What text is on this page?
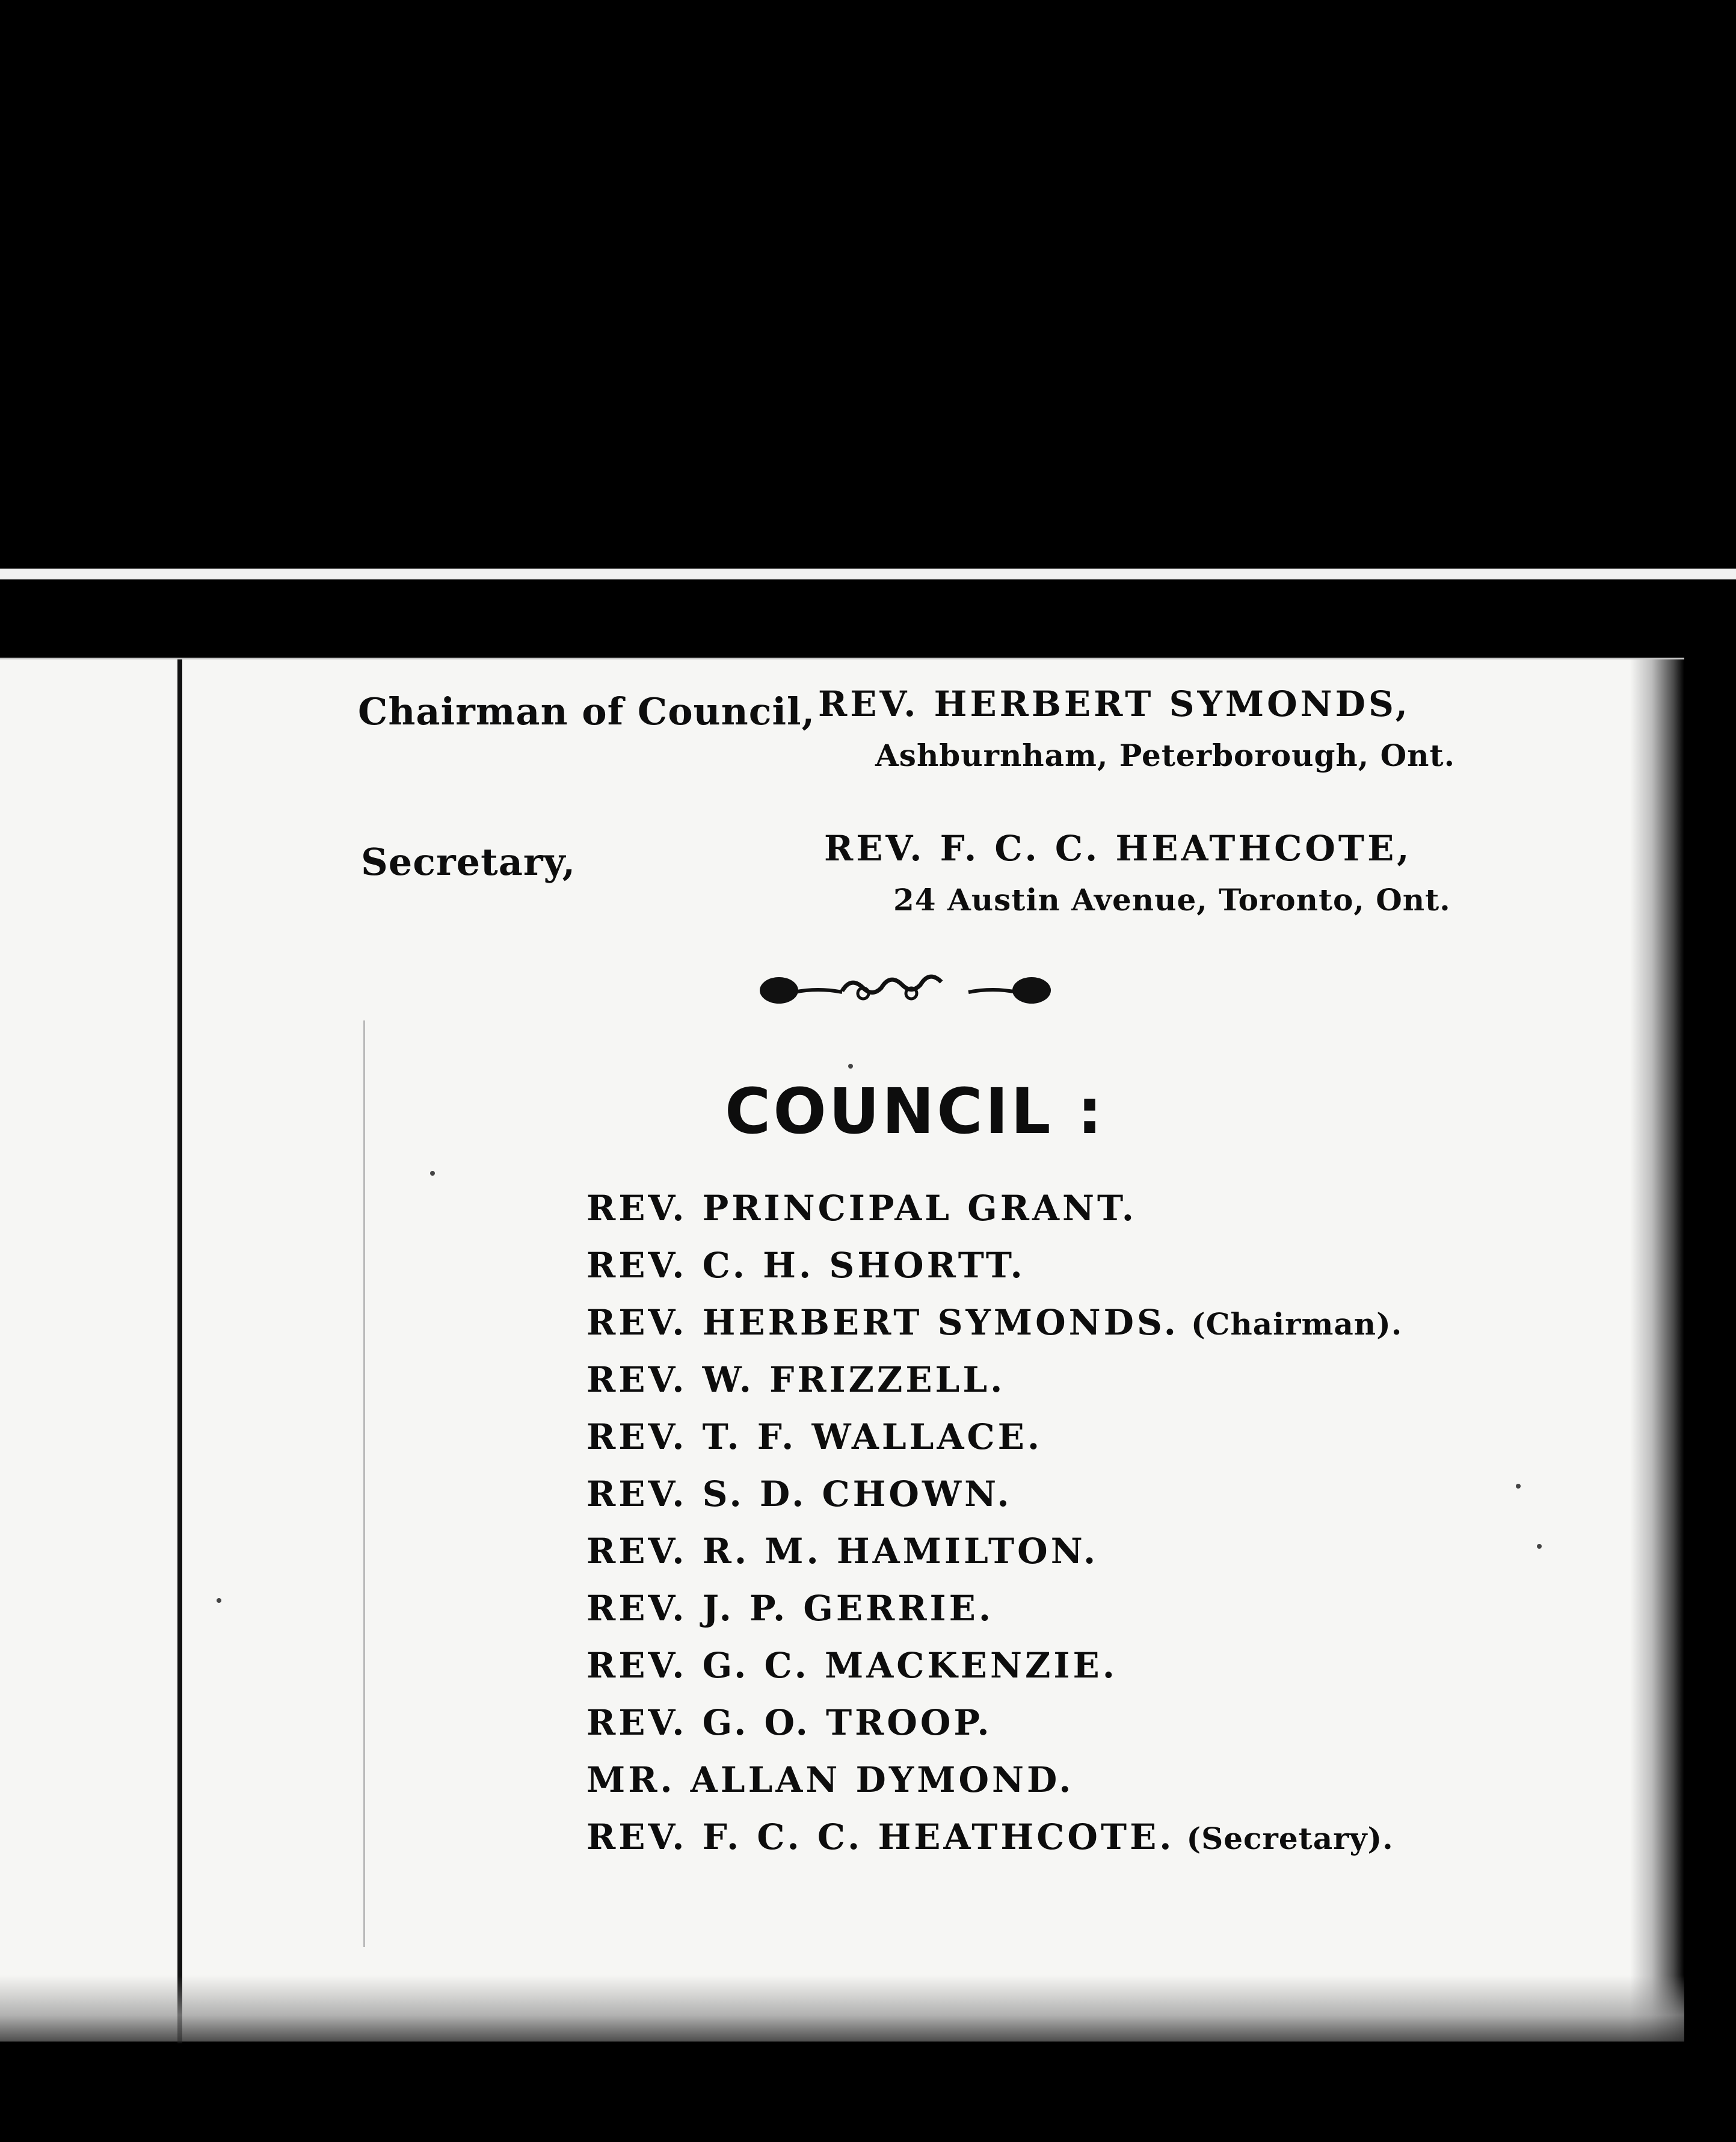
Chairman of Council, REV. HERBERT SYMONDS,
Ashburnham, Peterborough, Ont.
Secretary,	REV. F. C. C. HEATHCOTE,
24 Austin Avenue, Toronto, Ont.
COUNCIL :
REV. PRINCIPAL GRANT.
REV. C. H. SHORTT.
REV. HERBERT SYMONDS. (Chairman).
REV. W. FRIZZELL.
REV. T. F. WALLACE.
REV. S. D. CHOWN.
REV. R. M. HAMILTON.
REV. J. P. GERRIE.
REV. G. C. MACKENZIE.
REV. G. O. TROOP.
MR. ALLAN DYMOND.
REV. F. C. C. HEATHCOTE. (Secretary).
